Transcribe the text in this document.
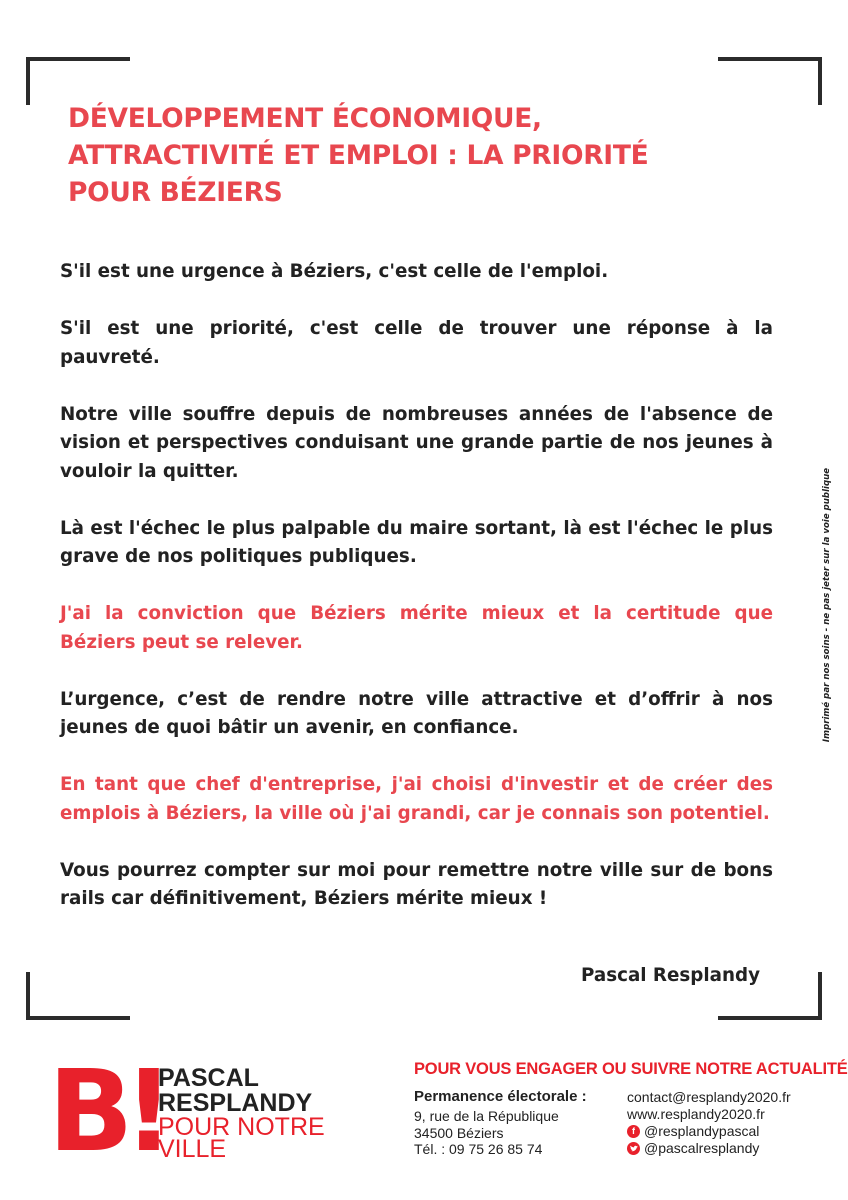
DÉVELOPPEMENT ÉCONOMIQUE,
ATTRACTIVITÉ ET EMPLOI : LA PRIORITÉ
POUR BÉZIERS

S'il est une urgence à Béziers, c'est celle de l'emploi.

S'il est une priorité, c'est celle de trouver une réponse à la pauvreté.

Notre ville souffre depuis de nombreuses années de l'absence de vision et perspectives conduisant une grande partie de nos jeunes à vouloir la quitter.

Là est l'échec le plus palpable du maire sortant, là est l'échec le plus grave de nos politiques publiques.

J'ai la conviction que Béziers mérite mieux et la certitude que Béziers peut se relever.

L’urgence, c’est de rendre notre ville attractive et d’offrir à nos jeunes de quoi bâtir un avenir, en confiance.

En tant que chef d'entreprise, j'ai choisi d'investir et de créer des emplois à Béziers, la ville où j'ai grandi, car je connais son potentiel.

Vous pourrez compter sur moi pour remettre notre ville sur de bons rails car définitivement, Béziers mérite mieux !

Pascal Resplandy
Imprimé par nos soins - ne pas jeter sur la voie publique
B!
PASCAL
RESPLANDY
POUR NOTRE
VILLE
POUR VOUS ENGAGER OU SUIVRE NOTRE ACTUALITÉ
Permanence électorale :
9, rue de la République
34500 Béziers
Tél. : 09 75 26 85 74
contact@resplandy2020.fr
www.resplandy2020.fr
f @resplandypascal
@pascalresplandy
